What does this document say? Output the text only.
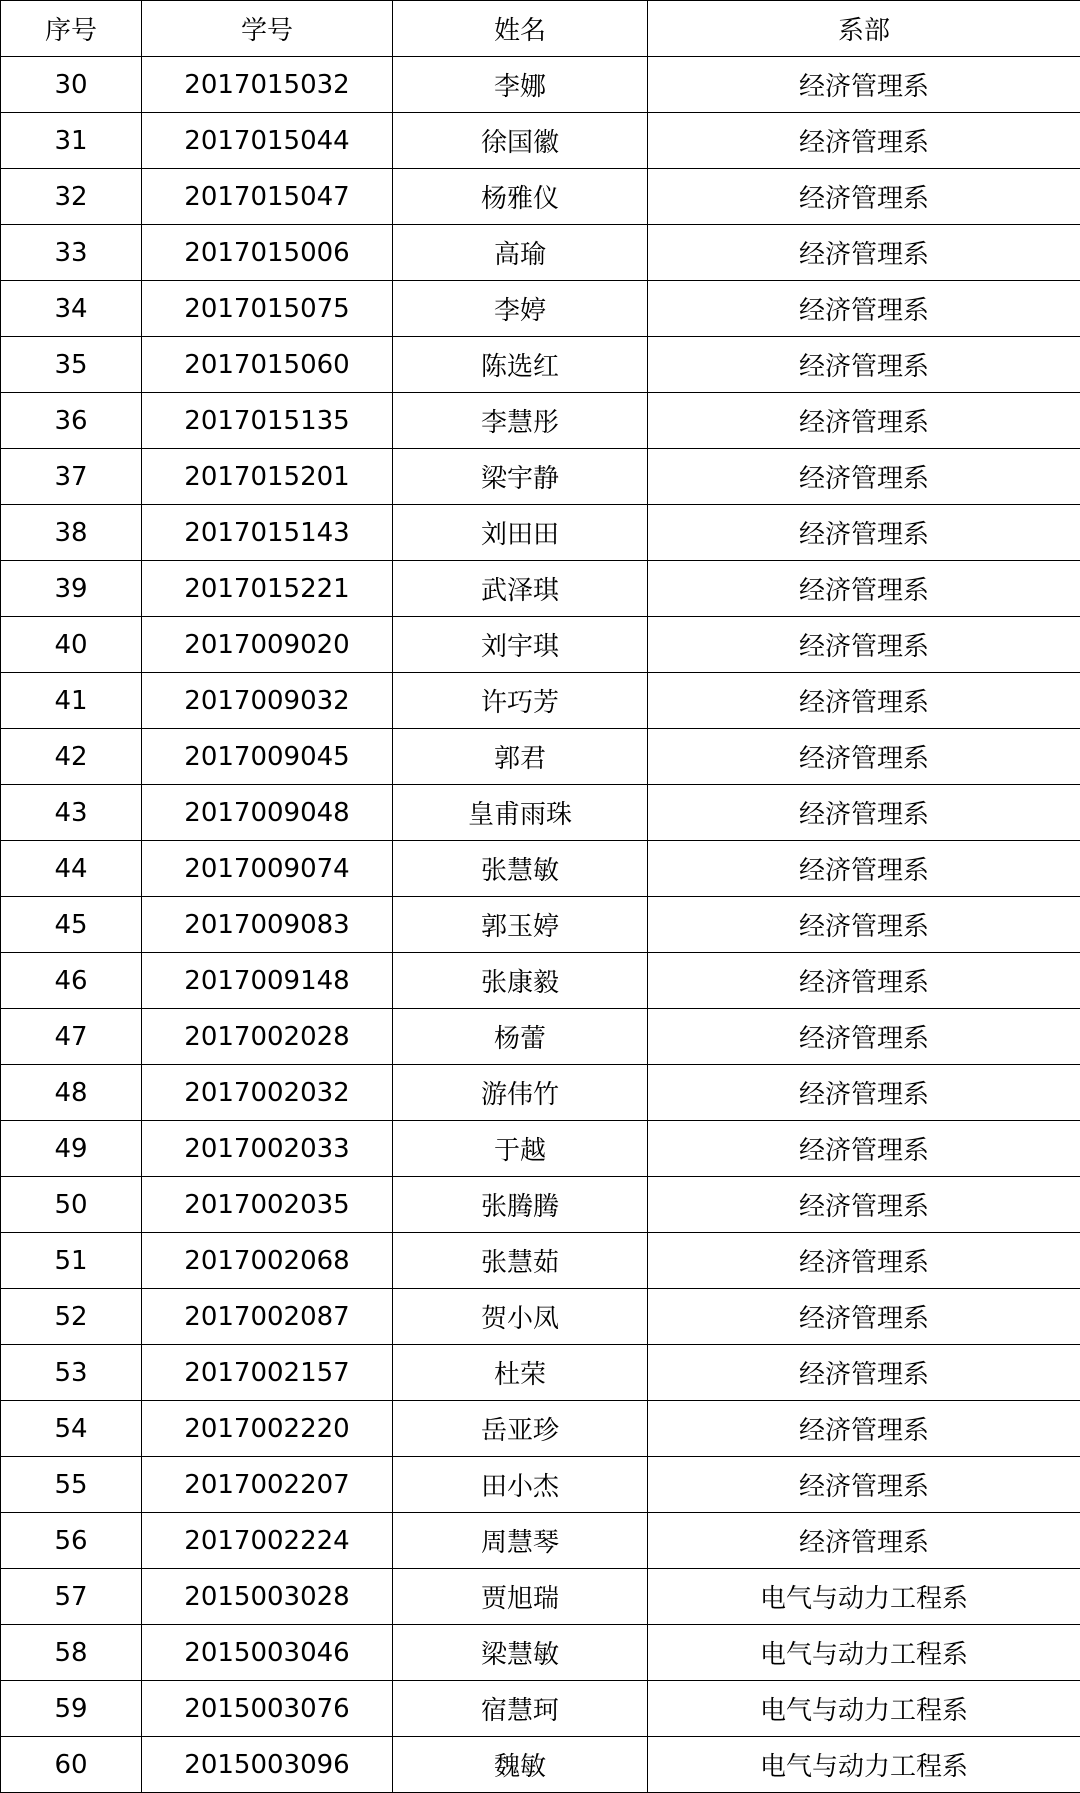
序号	学号	姓名	系部
30	2017015032	李娜	经济管理系
31	2017015044	徐国徽	经济管理系
32	2017015047	杨雅仪	经济管理系
33	2017015006	高瑜	经济管理系
34	2017015075	李婷	经济管理系
35	2017015060	陈选红	经济管理系
36	2017015135	李慧彤	经济管理系
37	2017015201	梁宇静	经济管理系
38	2017015143	刘田田	经济管理系
39	2017015221	武泽琪	经济管理系
40	2017009020	刘宇琪	经济管理系
41	2017009032	许巧芳	经济管理系
42	2017009045	郭君	经济管理系
43	2017009048	皇甫雨珠	经济管理系
44	2017009074	张慧敏	经济管理系
45	2017009083	郭玉婷	经济管理系
46	2017009148	张康毅	经济管理系
47	2017002028	杨蕾	经济管理系
48	2017002032	游伟竹	经济管理系
49	2017002033	于越	经济管理系
50	2017002035	张腾腾	经济管理系
51	2017002068	张慧茹	经济管理系
52	2017002087	贺小凤	经济管理系
53	2017002157	杜荣	经济管理系
54	2017002220	岳亚珍	经济管理系
55	2017002207	田小杰	经济管理系
56	2017002224	周慧琴	经济管理系
57	2015003028	贾旭瑞	电气与动力工程系
58	2015003046	梁慧敏	电气与动力工程系
59	2015003076	宿慧珂	电气与动力工程系
60	2015003096	魏敏	电气与动力工程系
